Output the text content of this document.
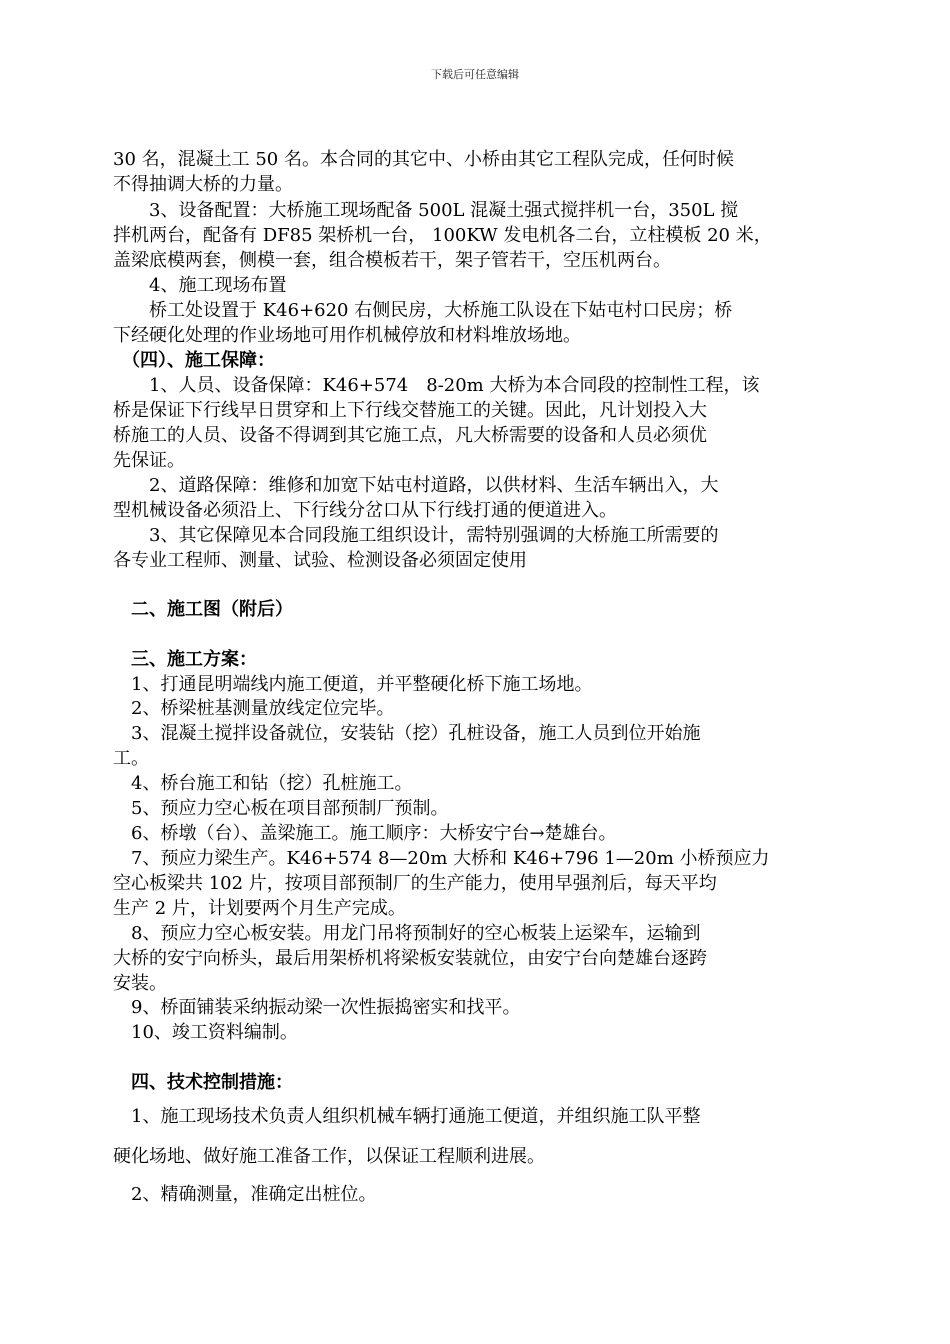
下载后可任意编辑
30 名，混凝土工 50 名。本合同的其它中、小桥由其它工程队完成，任何时候
不得抽调大桥的力量。
　　3、设备配置：大桥施工现场配备 500L 混凝土强式搅拌机一台，350L 搅
拌机两台，配备有 DF85 架桥机一台， 100KW 发电机各二台，立柱模板 20 米，
盖梁底模两套，侧模一套，组合模板若干，架子管若干，空压机两台。
　　4、施工现场布置
　　桥工处设置于 K46+620 右侧民房，大桥施工队设在下姑屯村口民房；桥
下经硬化处理的作业场地可用作机械停放和材料堆放场地。
　（四）、施工保障：
　　1、人员、设备保障：K46+574　8-20m 大桥为本合同段的控制性工程，该
桥是保证下行线早日贯穿和上下行线交替施工的关键。因此，凡计划投入大
桥施工的人员、设备不得调到其它施工点，凡大桥需要的设备和人员必须优
先保证。
　　2、道路保障：维修和加宽下姑屯村道路，以供材料、生活车辆出入，大
型机械设备必须沿上、下行线分岔口从下行线打通的便道进入。
　　3、其它保障见本合同段施工组织设计，需特别强调的大桥施工所需要的
各专业工程师、测量、试验、检测设备必须固定使用
　二、施工图（附后）
　三、施工方案：
　1、打通昆明端线内施工便道，并平整硬化桥下施工场地。
　2、桥梁桩基测量放线定位完毕。
　3、混凝土搅拌设备就位，安装钻（挖）孔桩设备，施工人员到位开始施
工。
　4、桥台施工和钻（挖）孔桩施工。
　5、预应力空心板在项目部预制厂预制。
　6、桥墩（台）、盖梁施工。施工顺序：大桥安宁台→楚雄台。
　7、预应力梁生产。K46+574 8—20m 大桥和 K46+796 1—20m 小桥预应力
空心板梁共 102 片，按项目部预制厂的生产能力，使用早强剂后，每天平均
生产 2 片，计划要两个月生产完成。
　8、预应力空心板安装。用龙门吊将预制好的空心板装上运梁车，运输到
大桥的安宁向桥头，最后用架桥机将梁板安装就位，由安宁台向楚雄台逐跨
安装。
　9、桥面铺装采纳振动梁一次性振捣密实和找平。
　10、竣工资料编制。
　四、技术控制措施：
　1、施工现场技术负责人组织机械车辆打通施工便道，并组织施工队平整
硬化场地、做好施工准备工作，以保证工程顺利进展。
　2、精确测量，准确定出桩位。
